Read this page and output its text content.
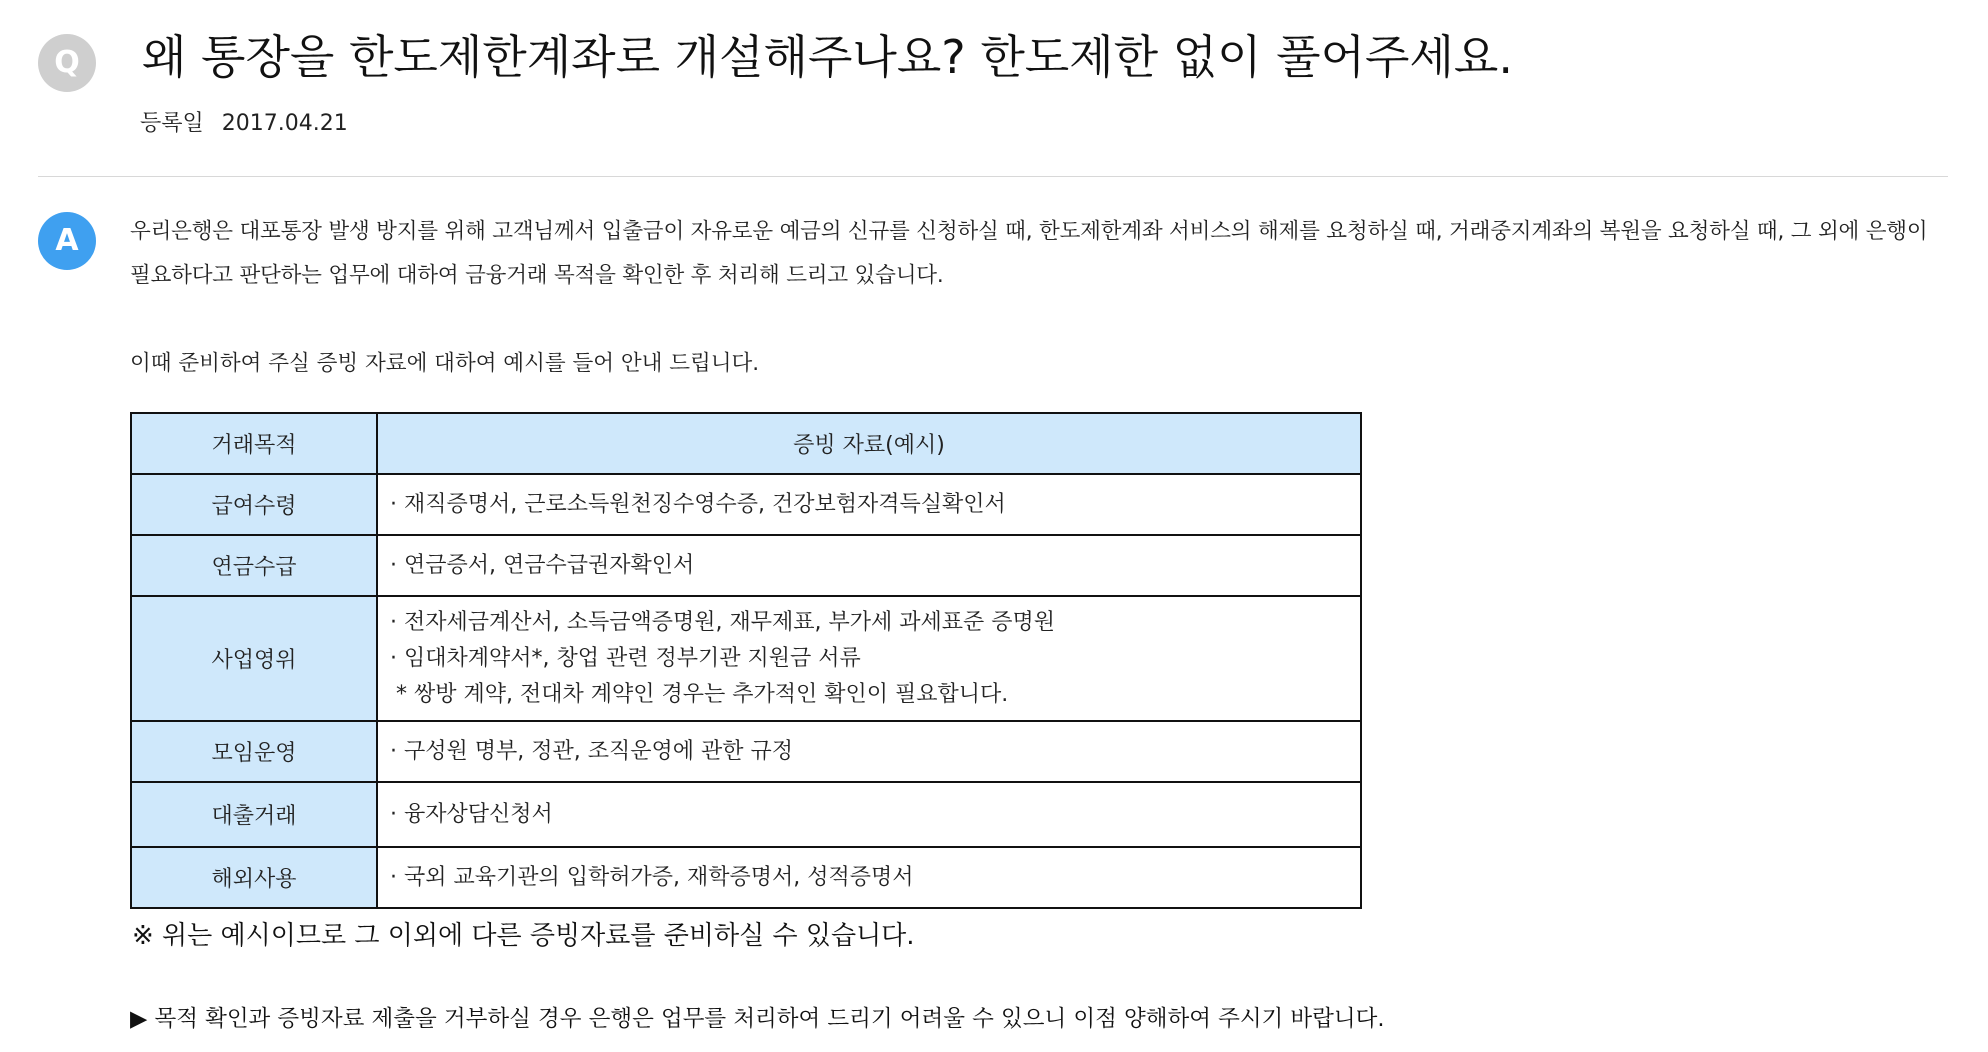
Q	왜 통장을 한도제한계좌로 개설해주나요? 한도제한 없이 풀어주세요.
등록일 2017.04.21
A	우리은행은 대포통장 발생 방지를 위해 고객님께서 입출금이 자유로운 예금의 신규를 신청하실 때, 한도제한계좌 서비스의 해제를 요청하실 때, 거래중지계좌의 복원을 요청하실 때, 그 외에 은행이 필요하다고 판단하는 업무에 대하여 금융거래 목적을 확인한 후 처리해 드리고 있습니다.
이때 준비하여 주실 증빙 자료에 대하여 예시를 들어 안내 드립니다.
거래목적	증빙 자료(예시)
급여수령	· 재직증명서, 근로소득원천징수영수증, 건강보험자격득실확인서

연금수급	· 연금증서, 연금수급권자확인서

사업영위	· 전자세금계산서, 소득금액증명원, 재무제표, 부가세 과세표준 증명원
· 임대차계약서*, 창업 관련 정부기관 지원금 서류
* 쌍방 계약, 전대차 계약인 경우는 추가적인 확인이 필요합니다.

모임운영	· 구성원 명부, 정관, 조직운영에 관한 규정

대출거래	· 융자상담신청서

해외사용	· 국외 교육기관의 입학허가증, 재학증명서, 성적증명서
※ 위는 예시이므로 그 이외에 다른 증빙자료를 준비하실 수 있습니다.
▶ 목적 확인과 증빙자료 제출을 거부하실 경우 은행은 업무를 처리하여 드리기 어려울 수 있으니 이점 양해하여 주시기 바랍니다.
